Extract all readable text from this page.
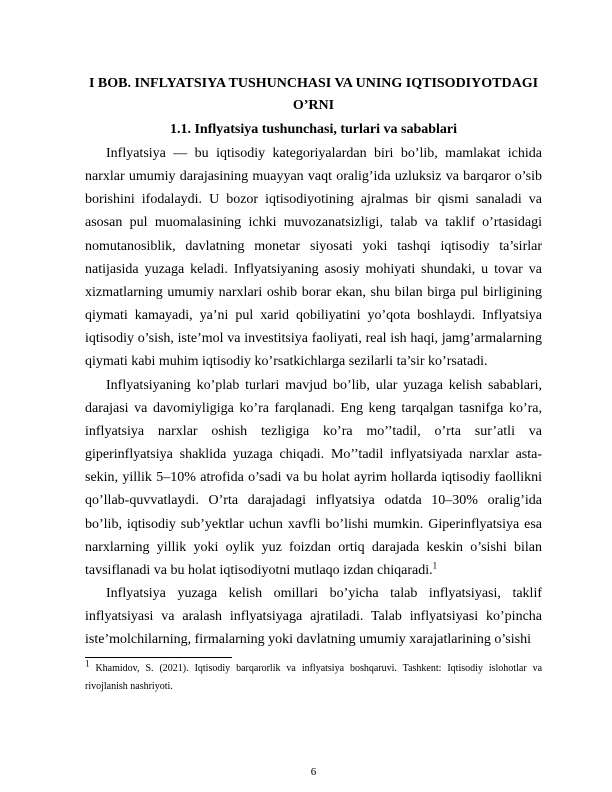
I BOB. INFLYATSIYA TUSHUNCHASI VA UNING IQTISODIYOTDAGI O’RNI
1.1. Inflyatsiya tushunchasi, turlari va sabablari

Inflyatsiya — bu iqtisodiy kategoriyalardan biri bo’lib, mamlakat ichida narxlar umumiy darajasining muayyan vaqt oralig’ida uzluksiz va barqaror o’sib borishini ifodalaydi. U bozor iqtisodiyotining ajralmas bir qismi sanaladi va asosan pul muomalasining ichki muvozanatsizligi, talab va taklif o’rtasidagi nomutanosiblik, davlatning monetar siyosati yoki tashqi iqtisodiy ta’sirlar natijasida yuzaga keladi. Inflyatsiyaning asosiy mohiyati shundaki, u tovar va xizmatlarning umumiy narxlari oshib borar ekan, shu bilan birga pul birligining qiymati kamayadi, ya’ni pul xarid qobiliyatini yo’qota boshlaydi. Inflyatsiya iqtisodiy o’sish, iste’mol va investitsiya faoliyati, real ish haqi, jamg’armalarning qiymati kabi muhim iqtisodiy ko’rsatkichlarga sezilarli ta’sir ko’rsatadi.

Inflyatsiyaning ko’plab turlari mavjud bo’lib, ular yuzaga kelish sabablari, darajasi va davomiyligiga ko’ra farqlanadi. Eng keng tarqalgan tasnifga ko’ra, inflyatsiya narxlar oshish tezligiga ko’ra mo’’tadil, o’rta sur’atli va giperinflyatsiya shaklida yuzaga chiqadi. Mo’’tadil inflyatsiyada narxlar asta-sekin, yillik 5–10% atrofida o’sadi va bu holat ayrim hollarda iqtisodiy faollikni qo’llab-quvvatlaydi. O’rta darajadagi inflyatsiya odatda 10–30% oralig’ida bo’lib, iqtisodiy sub’yektlar uchun xavfli bo’lishi mumkin. Giperinflyatsiya esa narxlarning yillik yoki oylik yuz foizdan ortiq darajada keskin o’sishi bilan tavsiflanadi va bu holat iqtisodiyotni mutlaqo izdan chiqaradi.$^1$

Inflyatsiya yuzaga kelish omillari bo’yicha talab inflyatsiyasi, taklif inflyatsiyasi va aralash inflyatsiyaga ajratiladi. Talab inflyatsiyasi ko’pincha iste’molchilarning, firmalarning yoki davlatning umumiy xarajatlarining o’sishi

$^1$ Khamidov, S. (2021). Iqtisodiy barqarorlik va inflyatsiya boshqaruvi. Tashkent: Iqtisodiy islohotlar va rivojlanish nashriyoti.
6
